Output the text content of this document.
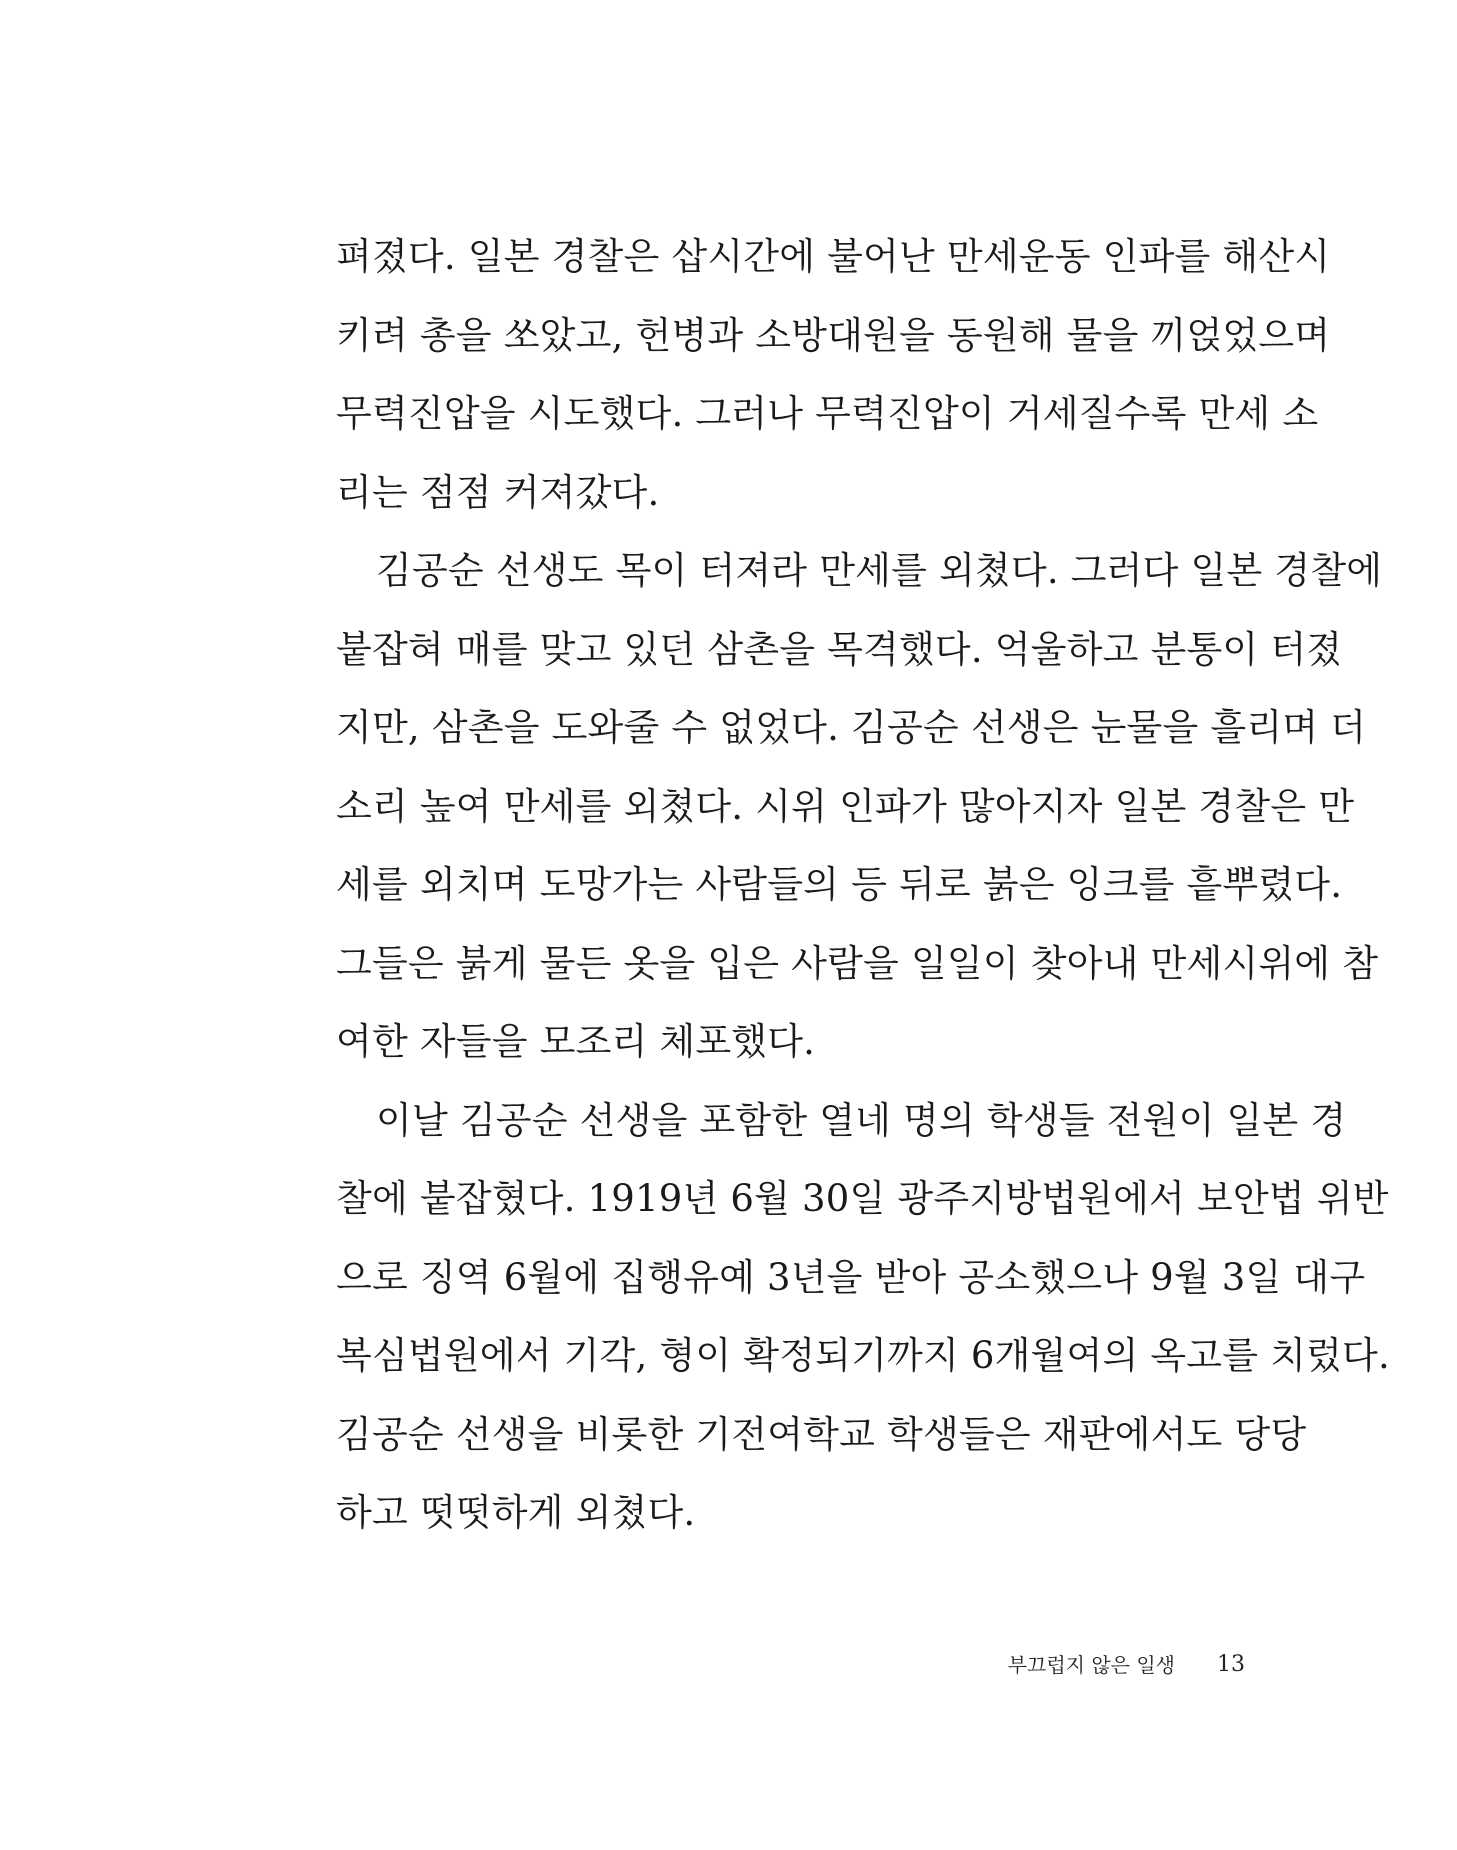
펴졌다. 일본 경찰은 삽시간에 불어난 만세운동 인파를 해산시
키려 총을 쏘았고, 헌병과 소방대원을 동원해 물을 끼얹었으며
무력진압을 시도했다. 그러나 무력진압이 거세질수록 만세 소
리는 점점 커져갔다.
김공순 선생도 목이 터져라 만세를 외쳤다. 그러다 일본 경찰에
붙잡혀 매를 맞고 있던 삼촌을 목격했다. 억울하고 분통이 터졌
지만, 삼촌을 도와줄 수 없었다. 김공순 선생은 눈물을 흘리며 더
소리 높여 만세를 외쳤다. 시위 인파가 많아지자 일본 경찰은 만
세를 외치며 도망가는 사람들의 등 뒤로 붉은 잉크를 흩뿌렸다.
그들은 붉게 물든 옷을 입은 사람을 일일이 찾아내 만세시위에 참
여한 자들을 모조리 체포했다.
이날 김공순 선생을 포함한 열네 명의 학생들 전원이 일본 경
찰에 붙잡혔다. 1919년 6월 30일 광주지방법원에서 보안법 위반
으로 징역 6월에 집행유예 3년을 받아 공소했으나 9월 3일 대구
복심법원에서 기각, 형이 확정되기까지 6개월여의 옥고를 치렀다.
김공순 선생을 비롯한 기전여학교 학생들은 재판에서도 당당
하고 떳떳하게 외쳤다.
부끄럽지 않은 일생 13
